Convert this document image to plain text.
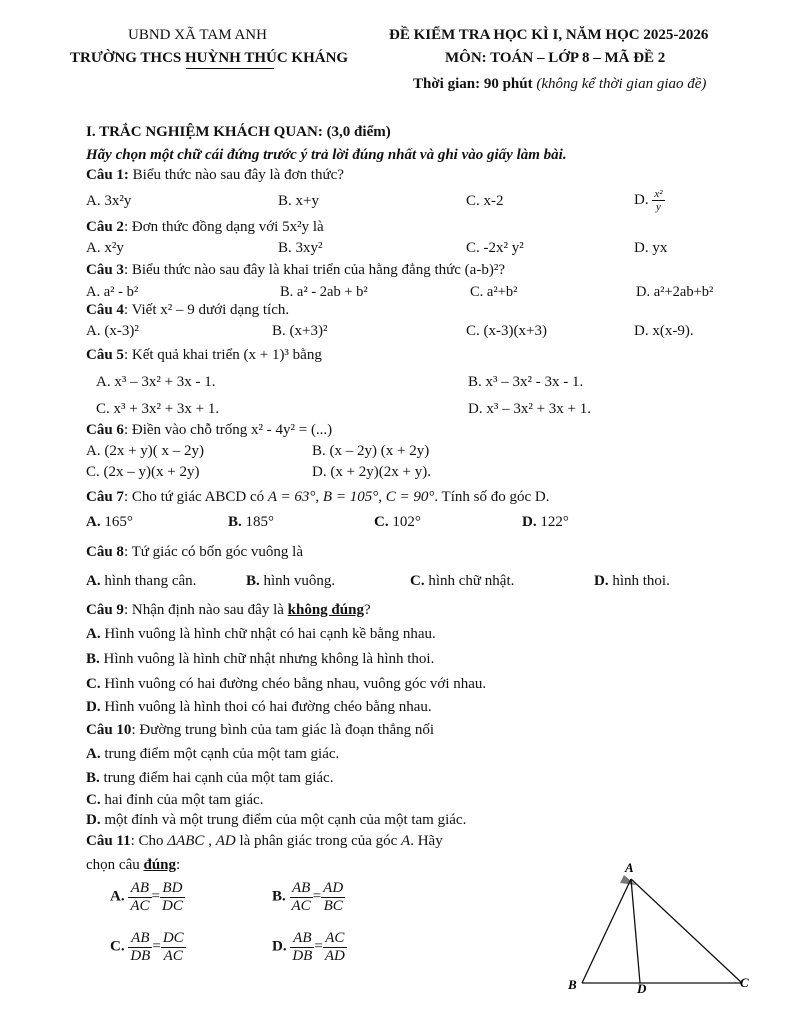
UBND XÃ TAM ANH
TRƯỜNG THCS HUỲNH THÚC KHÁNG
ĐỀ KIỂM TRA HỌC KÌ I, NĂM HỌC 2025-2026
MÔN: TOÁN – LỚP 8 – MÃ ĐỀ 2
Thời gian: 90 phút (không kể thời gian giao đề)
I. TRẮC NGHIỆM KHÁCH QUAN: (3,0 điểm)
Hãy chọn một chữ cái đứng trước ý trả lời đúng nhất và ghi vào giấy làm bài.
Câu 1: Biểu thức nào sau đây là đơn thức?
A. 3x²y	B. x+y	C. x-2	D. $\frac{\text{x²}}{y}$
Câu 2: Đơn thức đồng dạng với 5x²y là
A. x²y	B. 3xy²	C. -2x² y²	D. yx
Câu 3: Biểu thức nào sau đây là khai triển của hằng đẳng thức (a-b)²?
A. a² - b²	B. a² - 2ab + b²	C. a²+b²	D. a²+2ab+b²
Câu 4: Viết x² – 9 dưới dạng tích.
A. (x-3)²	B. (x+3)²	C. (x-3)(x+3)	D. x(x-9).
Câu 5: Kết quả khai triển (x + 1)³ bằng
A. x³ – 3x² + 3x - 1.	B. x³ – 3x² - 3x - 1.
C. x³ + 3x² + 3x + 1.	D. x³ – 3x² + 3x + 1.
Câu 6: Điền vào chỗ trống x² - 4y² = (...)
A. (2x + y)( x – 2y)	B. (x – 2y) (x + 2y)
C. (2x – y)(x + 2y)	D. (x + 2y)(2x + y).
Câu 7: Cho tứ giác ABCD có A = 63°, B = 105°, C = 90°. Tính số đo góc D.
A. 165°	B. 185°	C. 102°	D. 122°
Câu 8: Tứ giác có bốn góc vuông là
A. hình thang cân.	B. hình vuông.	C. hình chữ nhật.	D. hình thoi.
Câu 9: Nhận định nào sau đây là không đúng?
A. Hình vuông là hình chữ nhật có hai cạnh kề bằng nhau.
B. Hình vuông là hình chữ nhật nhưng không là hình thoi.
C. Hình vuông có hai đường chéo bằng nhau, vuông góc với nhau.
D. Hình vuông là hình thoi có hai đường chéo bằng nhau.
Câu 10: Đường trung bình của tam giác là đoạn thẳng nối
A. trung điểm một cạnh của một tam giác.
B. trung điểm hai cạnh của một tam giác.
C. hai đỉnh của một tam giác.
D. một đỉnh và một trung điểm của một cạnh của một tam giác.
Câu 11: Cho ΔABC , AD là phân giác trong của góc A. Hãy
chọn câu đúng:
A. $\frac{AB}{AC} = \frac{BD}{DC}$	B. $\frac{AB}{AC} = \frac{AD}{BC}$
C. $\frac{AB}{DB} = \frac{DC}{AC}$	D. $\frac{AB}{DB} = \frac{AC}{AD}$
A
B	C
D
